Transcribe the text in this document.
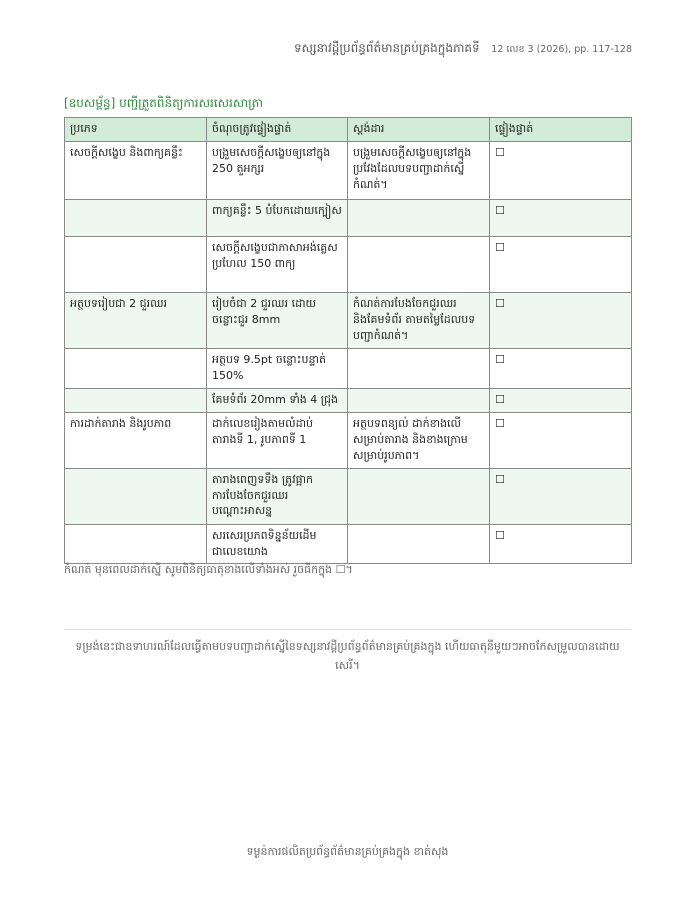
ទស្សនាវដ្ដីប្រព័ន្ធព័ត៌មានគ្រប់គ្រងក្នុងភាគទី 12 លេខ 3 (2026), pp. 117-128
[ឧបសម្ព័ន្ធ] បញ្ជីត្រួតពិនិត្យការសរសេរសាត្រា
ប្រភេទ	ចំណុចត្រូវផ្ទៀងផ្ទាត់	ស្តង់ដារ	ផ្ទៀងផ្ទាត់
សេចក្ដីសង្ខេប និងពាក្យគន្លឹះ	បង្រួមសេចក្ដីសង្ខេបឲ្យនៅក្នុង 250 តួអក្សរ	បង្រួមសេចក្ដីសង្ខេបឲ្យនៅក្នុងប្រវែងដែលបទបញ្ជាដាក់ស្នើកំណត់។	☐
	ពាក្យគន្លឹះ 5 បំបែកដោយក្បៀស		☐
	សេចក្ដីសង្ខេបជាភាសាអង់គ្លេស ប្រហែល 150 ពាក្យ		☐
អត្ថបទរៀបជា 2 ជួរឈរ	រៀបចំជា 2 ជួរឈរ ដោយចន្លោះជួរ 8mm	កំណត់ការបែងចែកជួរឈរ និងគែមទំព័រ តាមតម្លៃដែលបទបញ្ជាកំណត់។	☐
	អត្ថបទ 9.5pt ចន្លោះបន្ទាត់ 150%		☐
	គែមទំព័រ 20mm ទាំង 4 ជ្រុង		☐
ការដាក់តារាង និងរូបភាព	ដាក់លេខរៀងតាមលំដាប់ តារាងទី 1, រូបភាពទី 1	អត្ថបទពន្យល់ ដាក់ខាងលើសម្រាប់តារាង និងខាងក្រោមសម្រាប់រូបភាព។	☐
	តារាងពេញទទឹង ត្រូវផ្អាកការបែងចែកជួរឈរបណ្ដោះអាសន្ន		☐
	សរសេរប្រភពទិន្នន័យដើមជាលេខយោង		☐
កំណត់ មុនពេលដាក់ស្នើ សូមពិនិត្យធាតុខាងលើទាំងអស់ រួចធីកក្នុង ☐។
ទម្រង់នេះជាឧទាហរណ៍ដែលធ្វើតាមបទបញ្ជាដាក់ស្នើនៃទស្សនាវដ្ដីប្រព័ន្ធព័ត៌មានគ្រប់គ្រងក្នុង ហើយធាតុនីមួយៗអាចកែសម្រួលបានដោយសេរី។
ទម្ងន់ការផលិតប្រព័ន្ធព័ត៌មានគ្រប់គ្រងក្នុង ខាត់សុង
